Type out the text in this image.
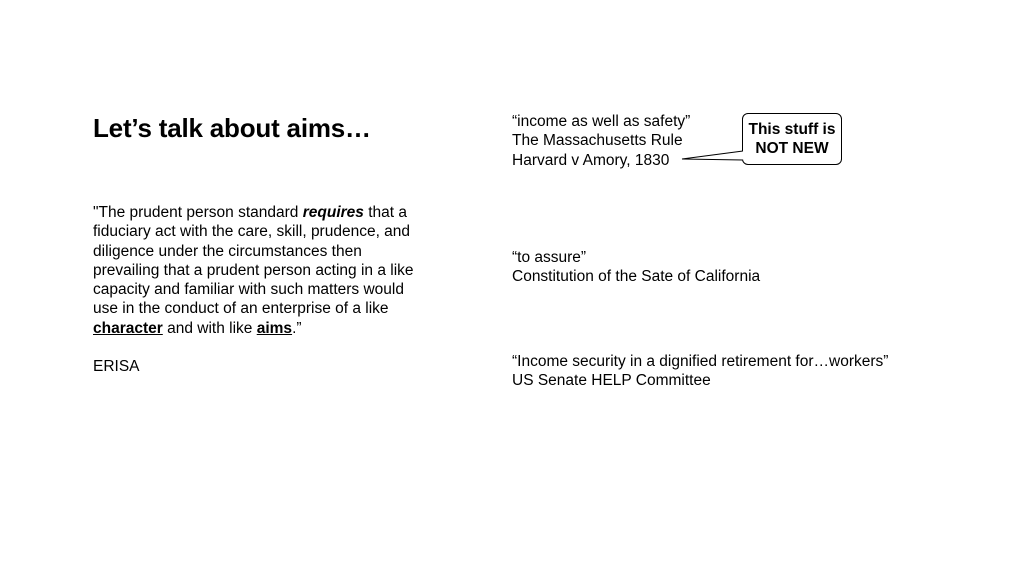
Let’s talk about aims…

"The prudent person standard requires that a fiduciary act with the care, skill, prudence, and diligence under the circumstances then prevailing that a prudent person acting in a like capacity and familiar with such matters would use in the conduct of an enterprise of a like character and with like aims.”

ERISA
“income as well as safety”
The Massachusetts Rule
Harvard v Amory, 1830
“to assure”
Constitution of the Sate of California
“Income security in a dignified retirement for…workers”
US Senate HELP Committee
This stuff is
NOT NEW
